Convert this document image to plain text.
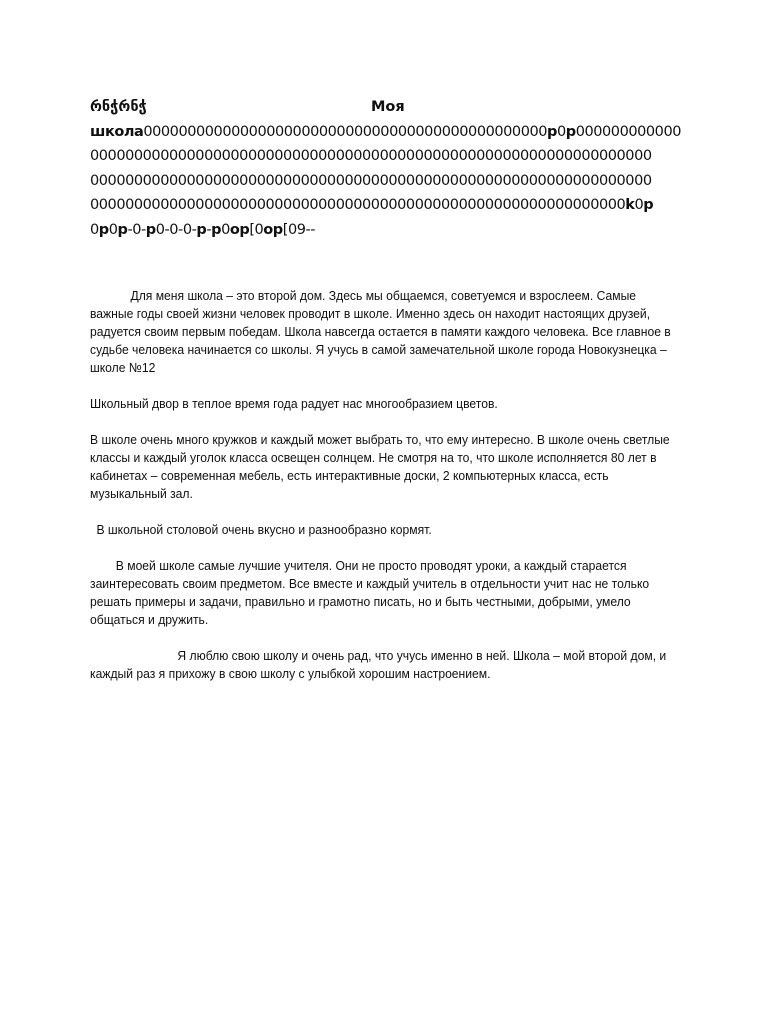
რნჭრნჭ	Моя
школа0000000000000000000000000000000000000000000000р0р000000000000
0000000000000000000000000000000000000000000000000000000000000000
0000000000000000000000000000000000000000000000000000000000000000
0000000000000000000000000000000000000000000000000000000000000k0р
0р0р-0-р0-0-0-р-р0ор[0ор[09--

Для меня школа – это второй дом. Здесь мы общаемся, советуемся и взрослеем. Самые важные годы своей жизни человек проводит в школе. Именно здесь он находит настоящих друзей, радуется своим первым победам. Школа навсегда остается в памяти каждого человека. Все главное в судьбе человека начинается со школы. Я учусь в самой замечательной школе города Новокузнецка – школе №12

Школьный двор в теплое время года радует нас многообразием цветов.

В школе очень много кружков и каждый может выбрать то, что ему интересно. В школе очень светлые классы и каждый уголок класса освещен солнцем. Не смотря на то, что школе исполняется 80 лет в кабинетах – современная мебель, есть интерактивные доски, 2 компьютерных класса, есть музыкальный зал.

В школьной столовой очень вкусно и разнообразно кормят.

В моей школе самые лучшие учителя. Они не просто проводят уроки, а каждый старается заинтересовать своим предметом. Все вместе и каждый учитель в отдельности учит нас не только решать примеры и задачи, правильно и грамотно писать, но и быть честными, добрыми, умело общаться и дружить.

Я люблю свою школу и очень рад, что учусь именно в ней. Школа – мой второй дом, и каждый раз я прихожу в свою школу с улыбкой хорошим настроением.
